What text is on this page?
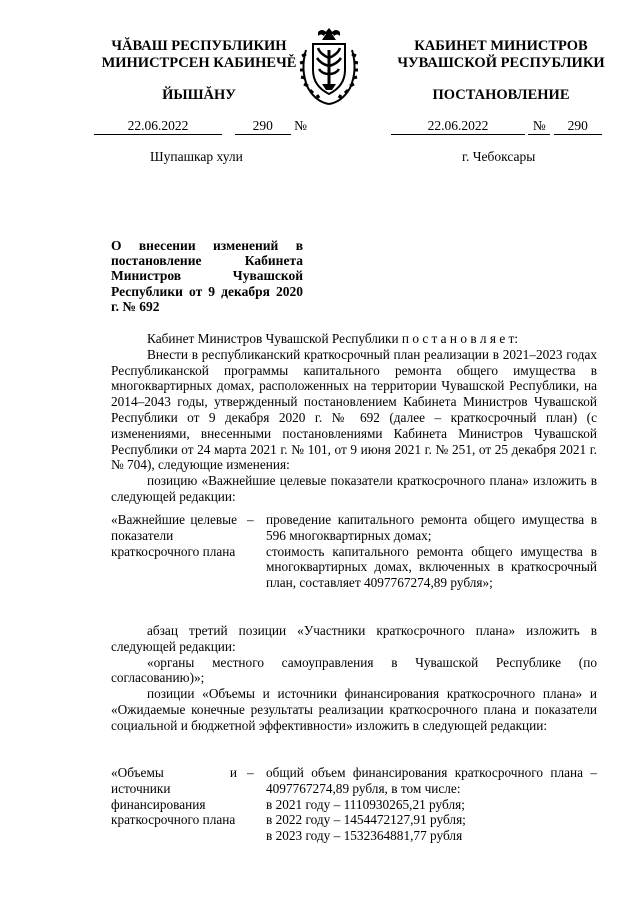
ЧĂВАШ РЕСПУБЛИКИН
МИНИСТРСЕН КАБИНЕЧĚ
ЙЫШĂНУ
КАБИНЕТ МИНИСТРОВ
ЧУВАШСКОЙ РЕСПУБЛИКИ
ПОСТАНОВЛЕНИЕ
22.06.2022	290 №	22.06.2022	№ 290
Шупашкар хули	г. Чебоксары
О внесении изменений в постановление Кабинета Министров Чувашской Республики от 9 декабря 2020 г. № 692

Кабинет Министров Чувашской Республики п о с т а н о в л я е т:

Внести в республиканский краткосрочный план реализации в 2021–2023 годах Республиканской программы капитального ремонта общего имущества в многоквартирных домах, расположенных на территории Чувашской Республики, на 2014–2043 годы, утвержденный постановлением Кабинета Министров Чувашской Республики от 9 декабря 2020 г. № 692 (далее – краткосрочный план) (с изменениями, внесенными постановлениями Кабинета Министров Чувашской Республики от 24 марта 2021 г. № 101, от 9 июня 2021 г. № 251, от 25 декабря 2021 г. № 704), следующие изменения:

позицию «Важнейшие целевые показатели краткосрочного плана» изложить в следующей редакции:

«Важнейшие целевые показатели краткосрочного плана
– проведение капитального ремонта общего имущества в 596 многоквартирных домах;
стоимость капитального ремонта общего имущества в многоквартирных домах, включенных в краткосрочный план, составляет 4097767274,89 рубля»;

абзац третий позиции «Участники краткосрочного плана» изложить в следующей редакции:

«органы местного самоуправления в Чувашской Республике (по согласованию)»;

позиции «Объемы и источники финансирования краткосрочного плана» и «Ожидаемые конечные результаты реализации краткосрочного плана и показатели социальной и бюджетной эффективности» изложить в следующей редакции:

«Объемы и источники финансирования краткосрочного плана
– общий объем финансирования краткосрочного плана – 4097767274,89 рубля, в том числе:
в 2021 году – 1110930265,21 рубля;
в 2022 году – 1454472127,91 рубля;
в 2023 году – 1532364881,77 рубля
